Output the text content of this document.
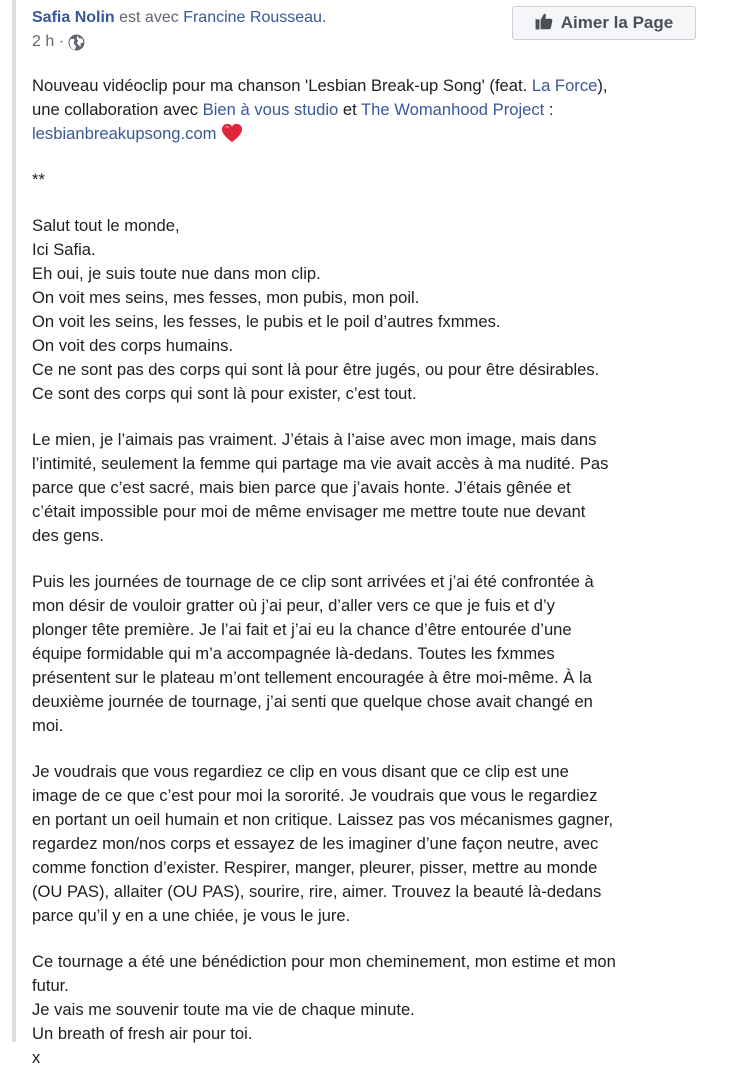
Safia Nolin est avec Francine Rousseau.
2 h ·
Aimer la Page

Nouveau vidéoclip pour ma chanson 'Lesbian Break-up Song' (feat. La Force),
une collaboration avec Bien à vous studio et The Womanhood Project :
lesbianbreakupsong.com

**

Salut tout le monde,
Ici Safia.
Eh oui, je suis toute nue dans mon clip.
On voit mes seins, mes fesses, mon pubis, mon poil.
On voit les seins, les fesses, le pubis et le poil d’autres fxmmes.
On voit des corps humains.
Ce ne sont pas des corps qui sont là pour être jugés, ou pour être désirables.
Ce sont des corps qui sont là pour exister, c’est tout.

Le mien, je l’aimais pas vraiment. J’étais à l’aise avec mon image, mais dans
l’intimité, seulement la femme qui partage ma vie avait accès à ma nudité. Pas
parce que c’est sacré, mais bien parce que j’avais honte. J’étais gênée et
c’était impossible pour moi de même envisager me mettre toute nue devant
des gens.

Puis les journées de tournage de ce clip sont arrivées et j’ai été confrontée à
mon désir de vouloir gratter où j’ai peur, d’aller vers ce que je fuis et d’y
plonger tête première. Je l’ai fait et j’ai eu la chance d’être entourée d’une
équipe formidable qui m’a accompagnée là-dedans. Toutes les fxmmes
présentent sur le plateau m’ont tellement encouragée à être moi-même. À la
deuxième journée de tournage, j’ai senti que quelque chose avait changé en
moi.

Je voudrais que vous regardiez ce clip en vous disant que ce clip est une
image de ce que c’est pour moi la sororité. Je voudrais que vous le regardiez
en portant un oeil humain et non critique. Laissez pas vos mécanismes gagner,
regardez mon/nos corps et essayez de les imaginer d’une façon neutre, avec
comme fonction d’exister. Respirer, manger, pleurer, pisser, mettre au monde
(OU PAS), allaiter (OU PAS), sourire, rire, aimer. Trouvez la beauté là-dedans
parce qu’il y en a une chiée, je vous le jure.

Ce tournage a été une bénédiction pour mon cheminement, mon estime et mon
futur.
Je vais me souvenir toute ma vie de chaque minute.
Un breath of fresh air pour toi.
x
